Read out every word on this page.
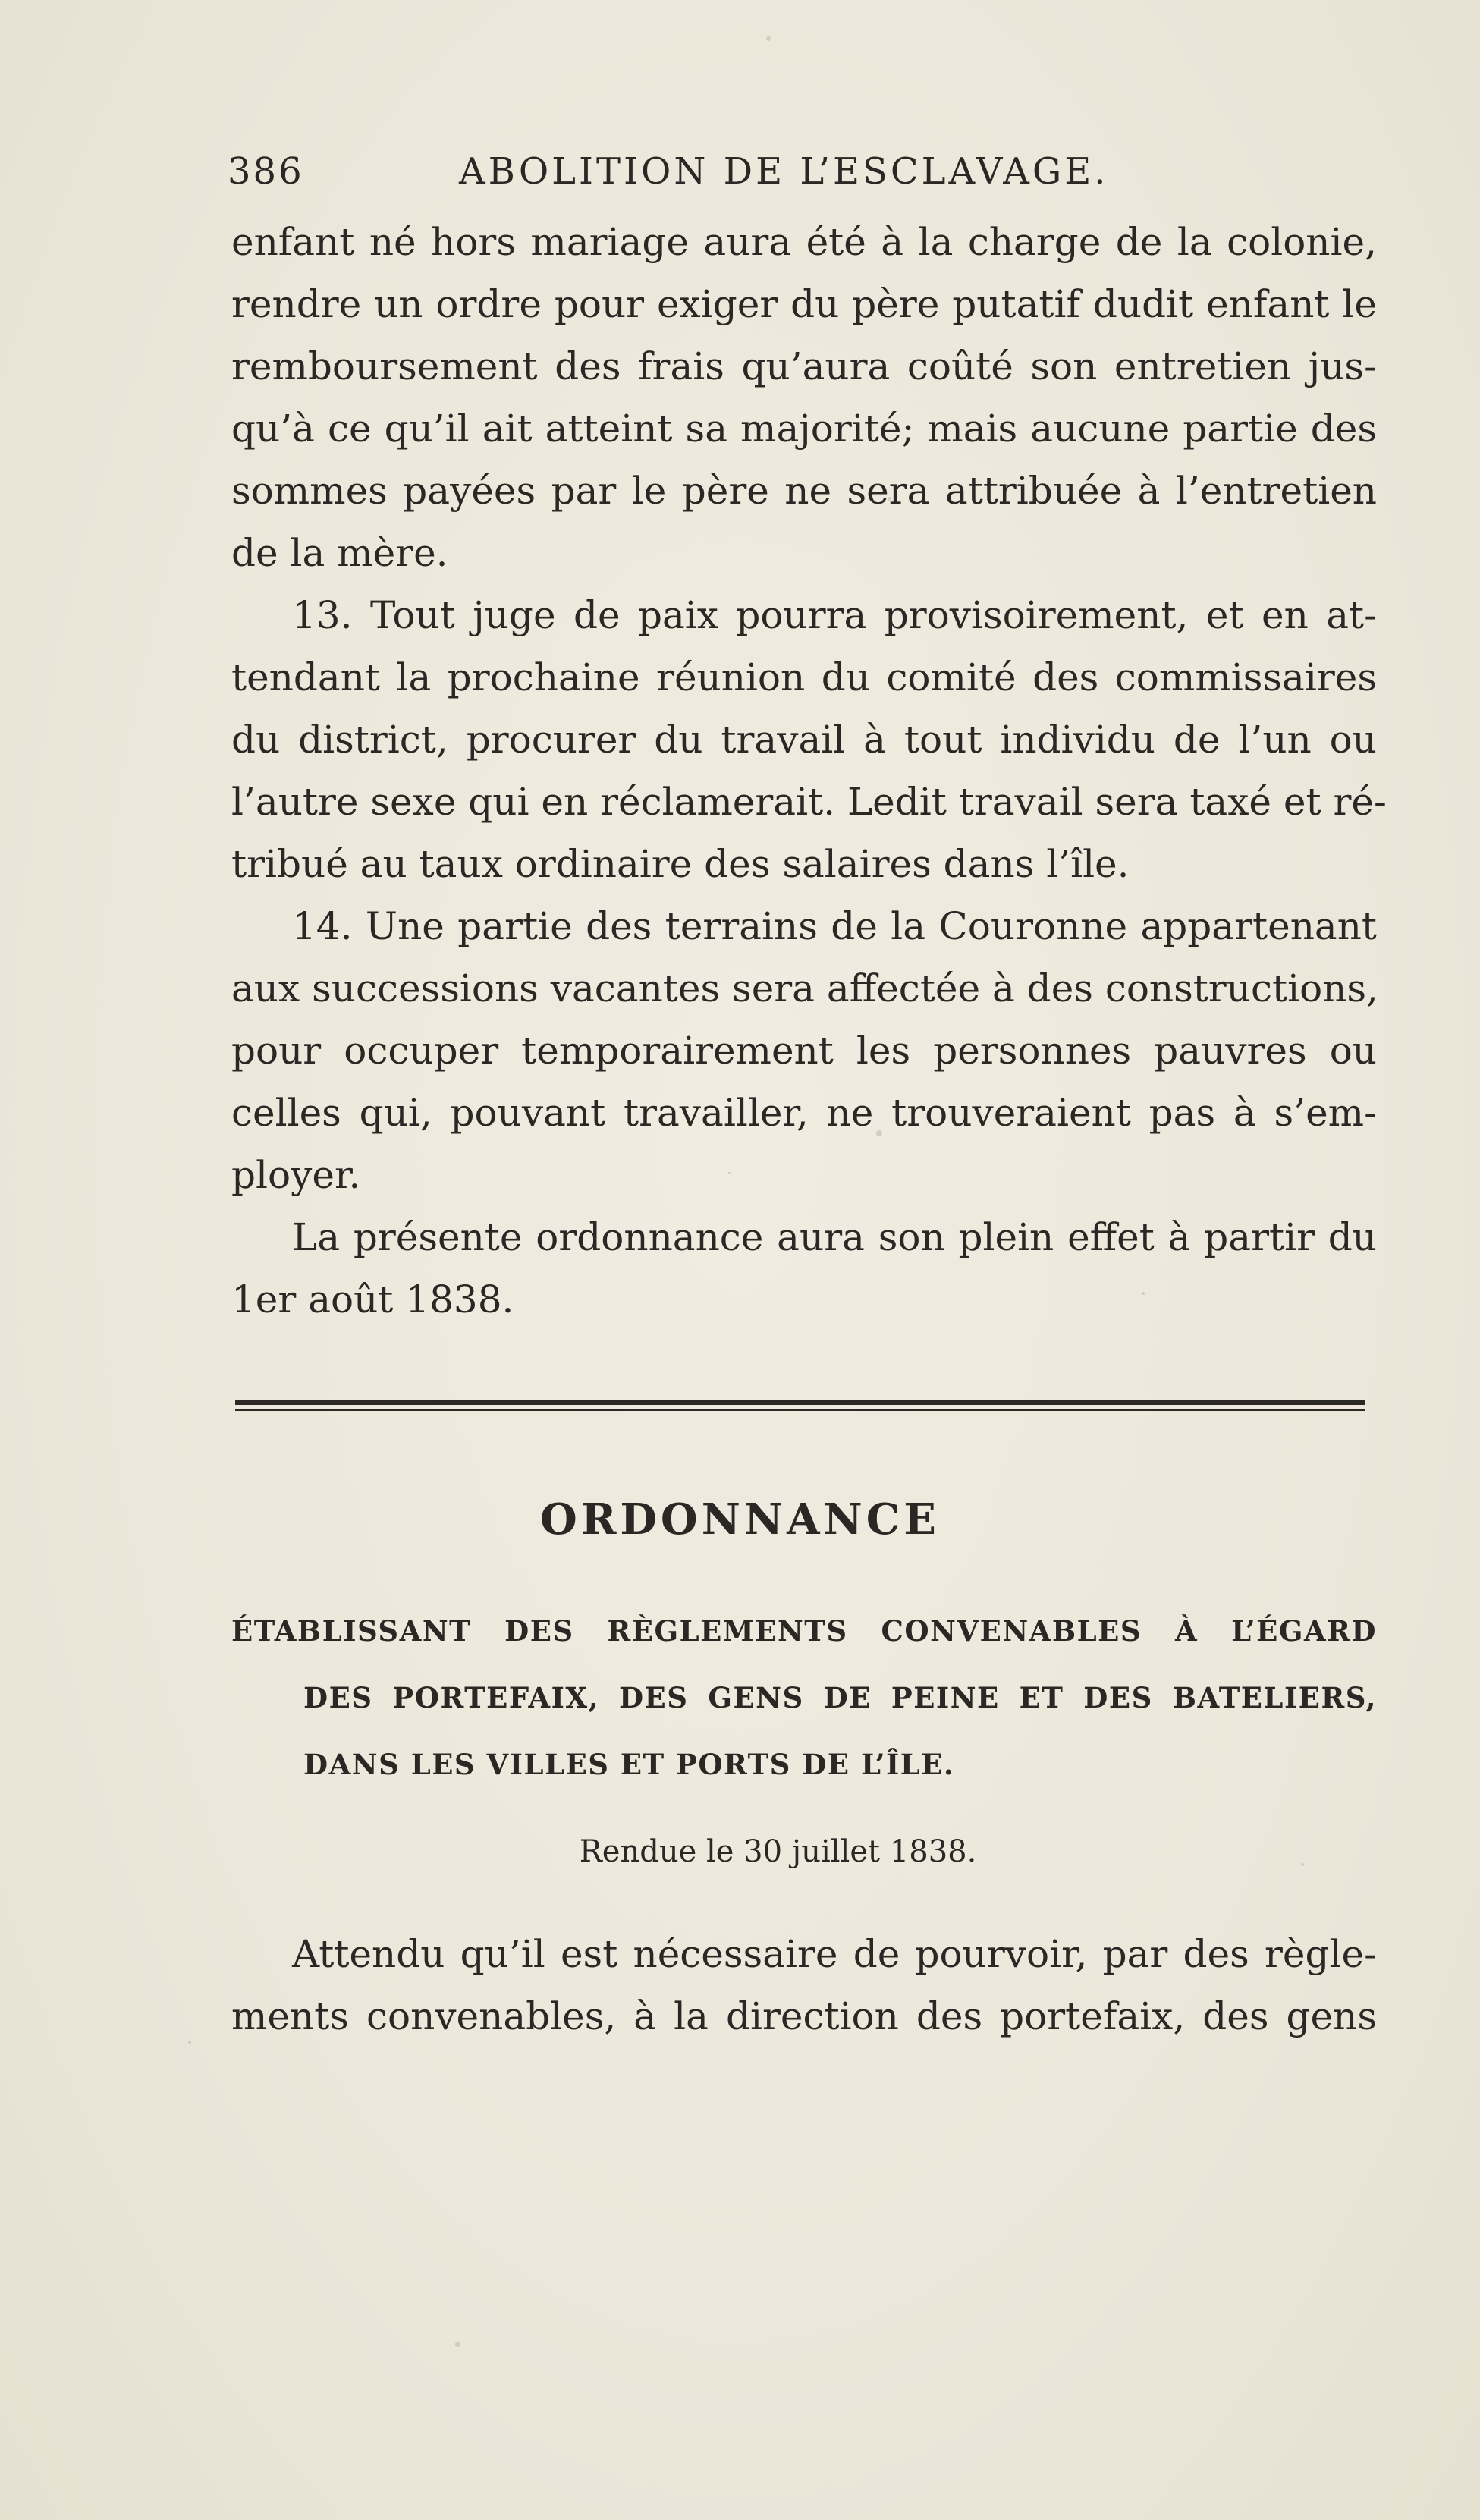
386	ABOLITION DE L’ESCLAVAGE.
enfant né hors mariage aura été à la charge de la colonie,
rendre un ordre pour exiger du père putatif dudit enfant le
remboursement des frais qu’aura coûté son entretien jus-
qu’à ce qu’il ait atteint sa majorité; mais aucune partie des
sommes payées par le père ne sera attribuée à l’entretien
de la mère.
13. Tout juge de paix pourra provisoirement, et en at-
tendant la prochaine réunion du comité des commissaires
du district, procurer du travail à tout individu de l’un ou
l’autre sexe qui en réclamerait. Ledit travail sera taxé et ré-
tribué au taux ordinaire des salaires dans l’île.
14. Une partie des terrains de la Couronne appartenant
aux successions vacantes sera affectée à des constructions,
pour occuper temporairement les personnes pauvres ou
celles qui, pouvant travailler, ne trouveraient pas à s’em-
ployer.
La présente ordonnance aura son plein effet à partir du
1er août 1838.
ORDONNANCE
ÉTABLISSANT DES RÈGLEMENTS CONVENABLES À L’ÉGARD
DES PORTEFAIX, DES GENS DE PEINE ET DES BATELIERS,
DANS LES VILLES ET PORTS DE L’ÎLE.
Rendue le 30 juillet 1838.
Attendu qu’il est nécessaire de pourvoir, par des règle-
ments convenables, à la direction des portefaix, des gens
